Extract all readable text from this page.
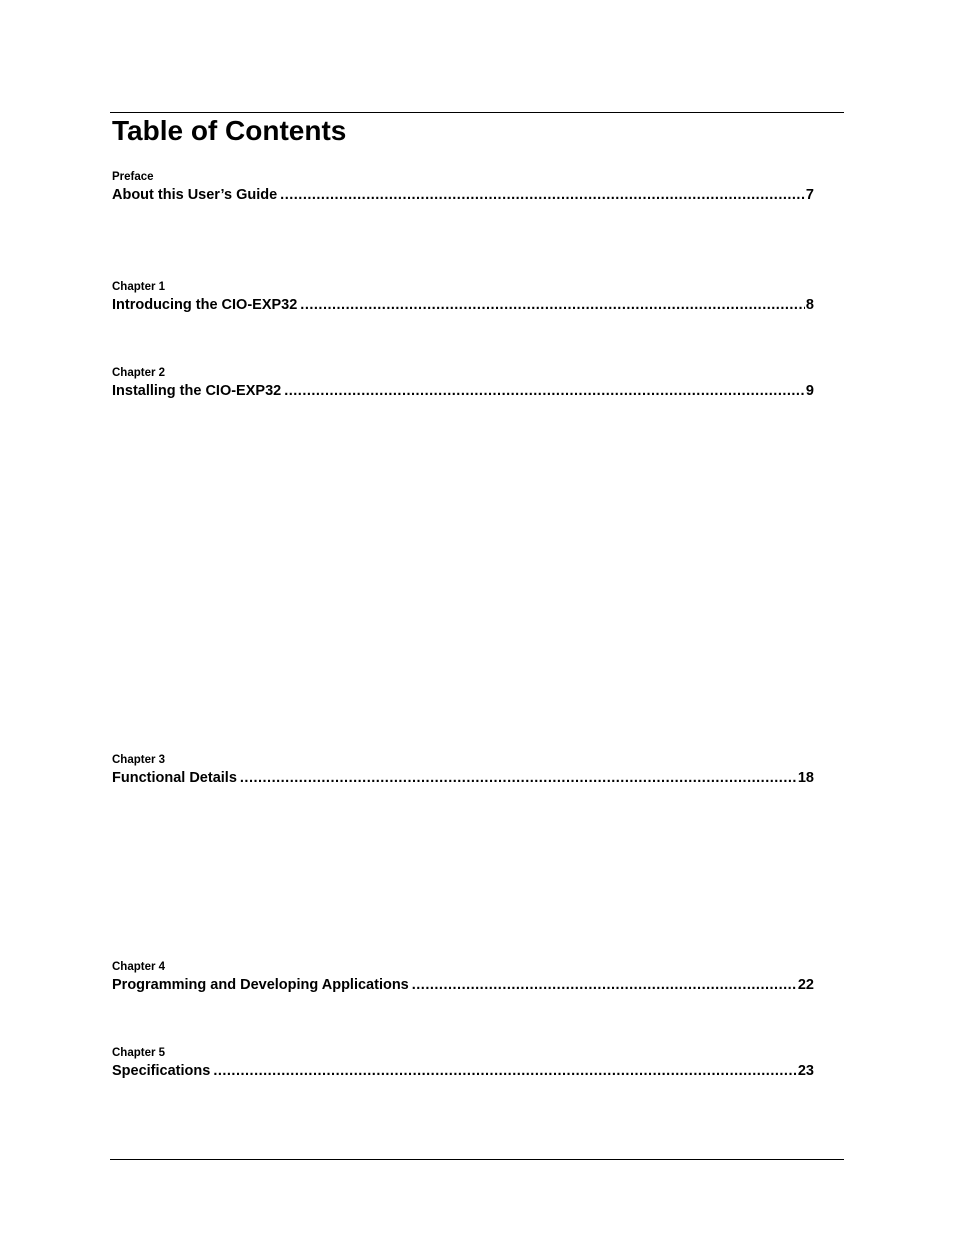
Table of Contents
Preface
About this User’s Guide .....	7
Chapter 1
Introducing the CIO-EXP32 .....	8
Chapter 2
Installing the CIO-EXP32 .....	9
Chapter 3
Functional Details .....	18
Chapter 4
Programming and Developing Applications .....	22
Chapter 5
Specifications .....	23
